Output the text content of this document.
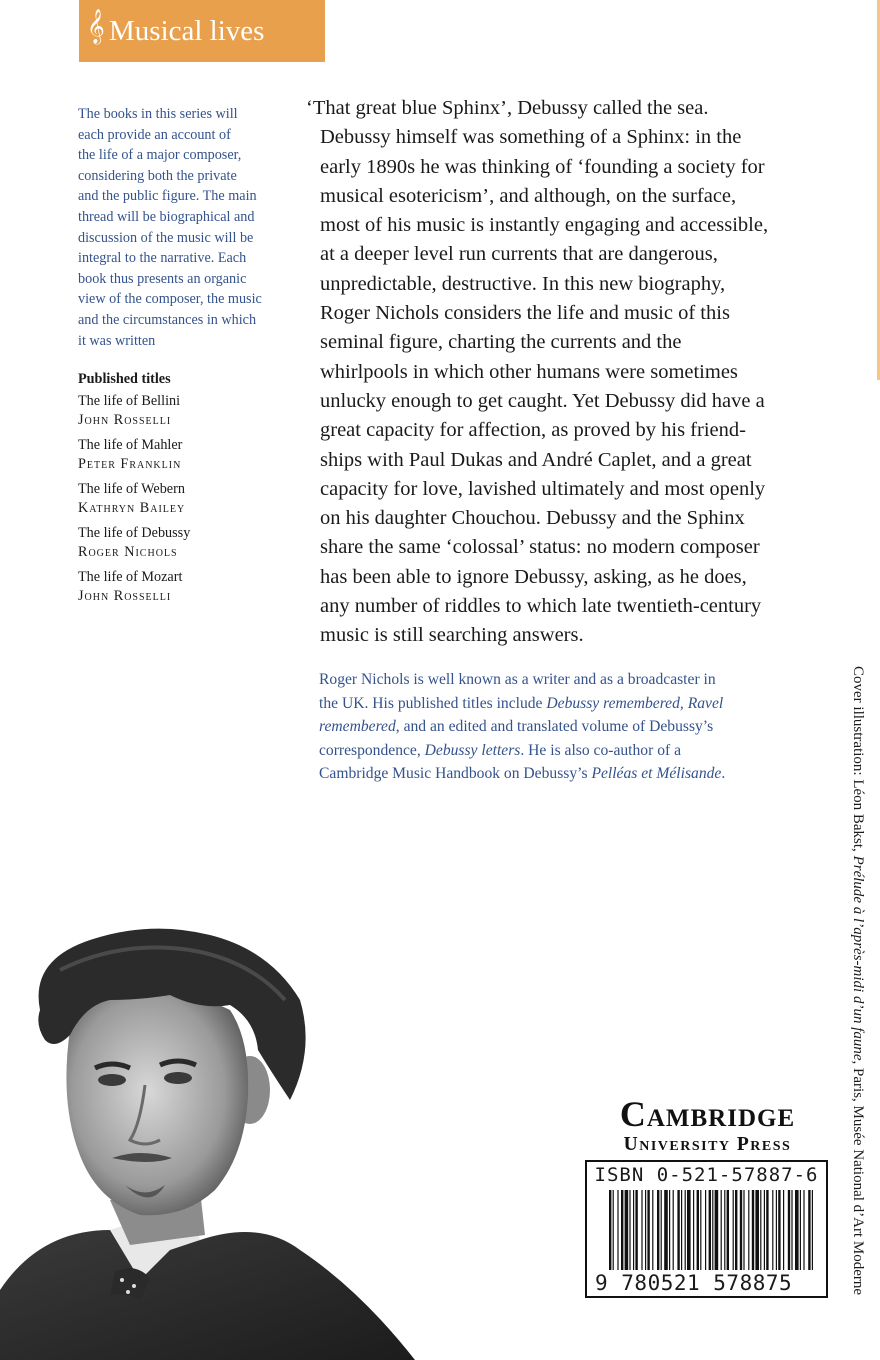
𝄞 Musical lives
The books in this series will
each provide an account of
the life of a major composer,
considering both the private
and the public figure. The main
thread will be biographical and
discussion of the music will be
integral to the narrative. Each
book thus presents an organic
view of the composer, the music
and the circumstances in which
it was written
Published titles
The life of Bellini
John Rosselli
The life of Mahler
Peter Franklin
The life of Webern
Kathryn Bailey
The life of Debussy
Roger Nichols
The life of Mozart
John Rosselli
‘That great blue Sphinx’, Debussy called the sea.
Debussy himself was something of a Sphinx: in the
early 1890s he was thinking of ‘founding a society for
musical esotericism’, and although, on the surface,
most of his music is instantly engaging and accessible,
at a deeper level run currents that are dangerous,
unpredictable, destructive. In this new biography,
Roger Nichols considers the life and music of this
seminal figure, charting the currents and the
whirlpools in which other humans were sometimes
unlucky enough to get caught. Yet Debussy did have a
great capacity for affection, as proved by his friend-
ships with Paul Dukas and André Caplet, and a great
capacity for love, lavished ultimately and most openly
on his daughter Chouchou. Debussy and the Sphinx
share the same ‘colossal’ status: no modern composer
has been able to ignore Debussy, asking, as he does,
any number of riddles to which late twentieth-century
music is still searching answers.
Roger Nichols is well known as a writer and as a broadcaster in
the UK. His published titles include Debussy remembered, Ravel
remembered, and an edited and translated volume of Debussy’s
correspondence, Debussy letters. He is also co-author of a
Cambridge Music Handbook on Debussy’s Pelléas et Mélisande.	Cover illustration: Léon Bakst, Prélude à l’après-midi d’un faune, Paris, Musée National d’Art Moderne
Cambridge
University Press
ISBN 0-521-57887-6
9 780521 578875
